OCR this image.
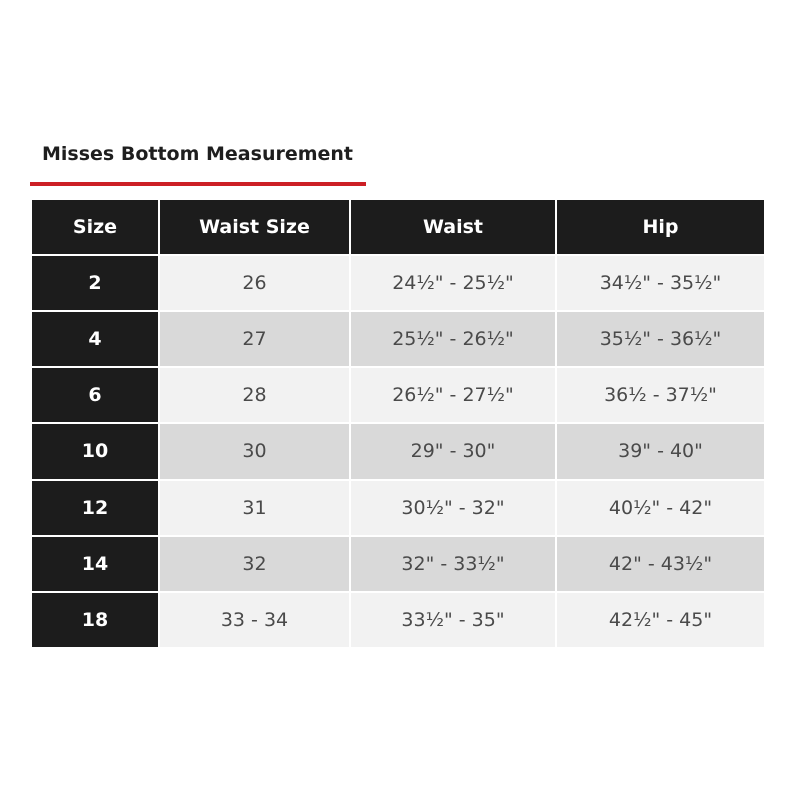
Misses Bottom Measurement
Size	Waist Size	Waist	Hip
2	26	24½" - 25½"	34½" - 35½"
4	27	25½" - 26½"	35½" - 36½"
6	28	26½" - 27½"	36½ - 37½"
10	30	29" - 30"	39" - 40"
12	31	30½" - 32"	40½" - 42"
14	32	32" - 33½"	42" - 43½"
18	33 - 34	33½" - 35"	42½" - 45"
